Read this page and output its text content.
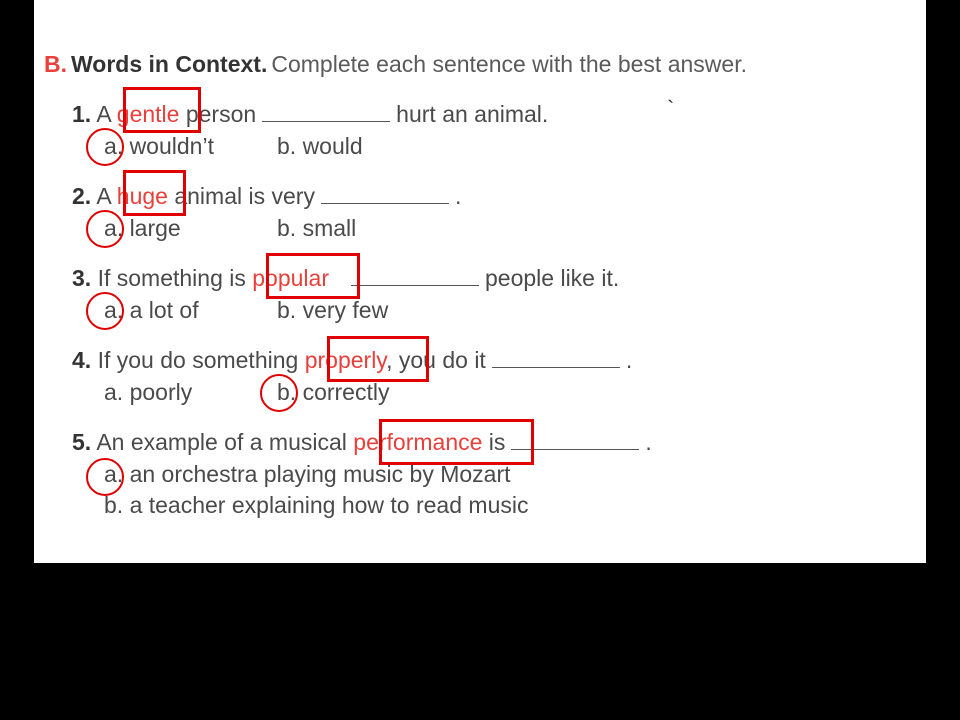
B. Words in Context. Complete each sentence with the best answer.
`
1. A gentle person	hurt an animal.
a. wouldn’t	b. would
2. A huge animal is very	.
a. large	b. small
3. If something is popular	people like it.
a. a lot of	b. very few
4. If you do something properly, you do it	.
a. poorly	b. correctly
5. An example of a musical performance is	.
a. an orchestra playing music by Mozart
b. a teacher explaining how to read music
